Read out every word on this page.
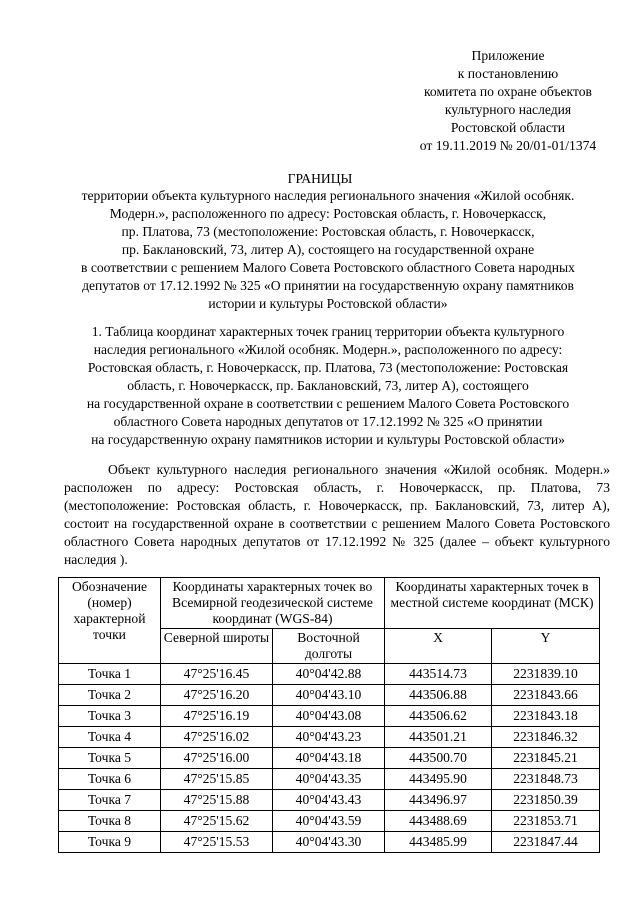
Приложение
к постановлению
комитета по охране объектов
культурного наследия
Ростовской области
от 19.11.2019 № 20/01-01/1374
ГРАНИЦЫ
территории объекта культурного наследия регионального значения «Жилой особняк.
Модерн.», расположенного по адресу: Ростовская область, г. Новочеркасск,
пр. Платова, 73 (местоположение: Ростовская область, г. Новочеркасск,
пр. Баклановский, 73, литер А), состоящего на государственной охране
в соответствии с решением Малого Совета Ростовского областного Совета народных
депутатов от 17.12.1992 № 325 «О принятии на государственную охрану памятников
истории и культуры Ростовской области»
1. Таблица координат характерных точек границ территории объекта культурного
наследия регионального «Жилой особняк. Модерн.», расположенного по адресу:
Ростовская область, г. Новочеркасск, пр. Платова, 73 (местоположение: Ростовская
область, г. Новочеркасск, пр. Баклановский, 73, литер А), состоящего
на государственной охране в соответствии с решением Малого Совета Ростовского
областного Совета народных депутатов от 17.12.1992 № 325 «О принятии
на государственную охрану памятников истории и культуры Ростовской области»
Объект культурного наследия регионального значения «Жилой особняк. Модерн.» расположен по адресу: Ростовская область, г. Новочеркасск, пр. Платова, 73 (местоположение: Ростовская область, г. Новочеркасск, пр. Баклановский, 73, литер А), состоит на государственной охране в соответствии с решением Малого Совета Ростовского областного Совета народных депутатов от 17.12.1992 № 325 (далее – объект культурного наследия ).
Обозначение (номер) характерной точки	Координаты характерных точек во Всемирной геодезической системе координат (WGS-84)		Координаты характерных точек в местной системе координат (МСК)	
	Северной широты	Восточной долготы	X	Y
Точка 1	47°25'16.45	40°04'42.88	443514.73	2231839.10
Точка 2	47°25'16.20	40°04'43.10	443506.88	2231843.66
Точка 3	47°25'16.19	40°04'43.08	443506.62	2231843.18
Точка 4	47°25'16.02	40°04'43.23	443501.21	2231846.32
Точка 5	47°25'16.00	40°04'43.18	443500.70	2231845.21
Точка 6	47°25'15.85	40°04'43.35	443495.90	2231848.73
Точка 7	47°25'15.88	40°04'43.43	443496.97	2231850.39
Точка 8	47°25'15.62	40°04'43.59	443488.69	2231853.71
Точка 9	47°25'15.53	40°04'43.30	443485.99	2231847.44
